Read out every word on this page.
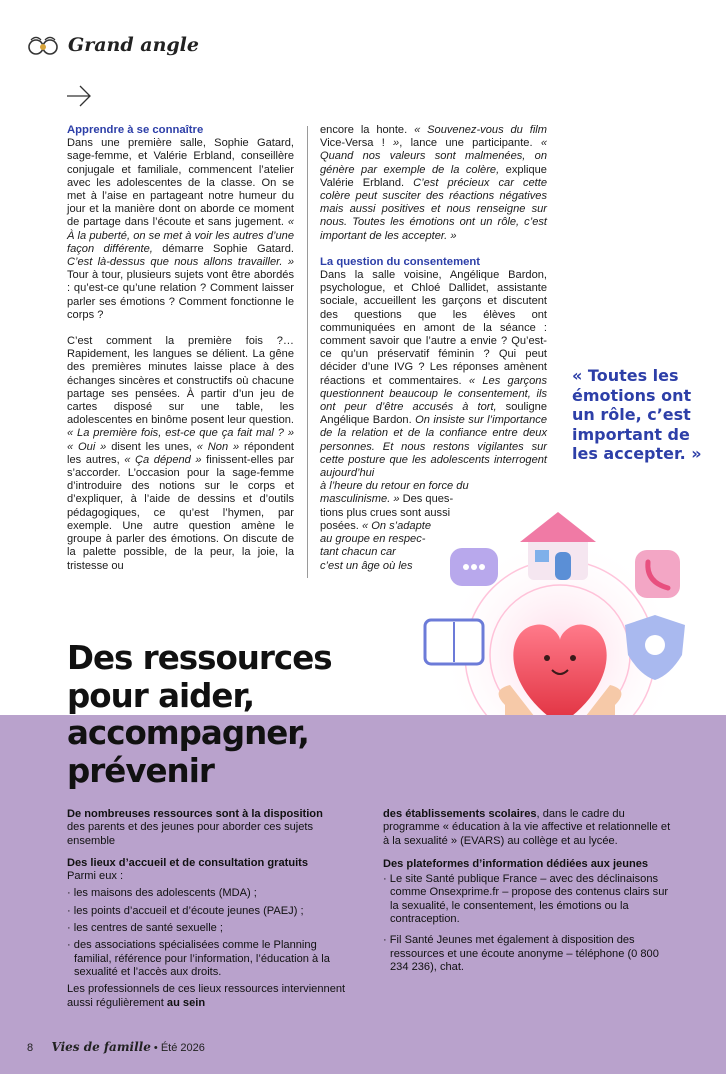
Grand angle

Apprendre à se connaître

Dans une première salle, Sophie Gatard, sage-femme, et Valérie Erbland, conseillère conjugale et familiale, commencent l’atelier avec les adolescentes de la classe. On se met à l’aise en partageant notre humeur du jour et la manière dont on aborde ce moment de partage dans l’écoute et sans jugement. « À la puberté, on se met à voir les autres d’une façon différente, démarre Sophie Gatard. C’est là-dessus que nous allons travailler. » Tour à tour, plusieurs sujets vont être abordés : qu’est-ce qu’une relation ? Comment laisser parler ses émotions ? Comment fonctionne le corps ?

C’est comment la première fois ?… Rapidement, les langues se délient. La gêne des premières minutes laisse place à des échanges sincères et constructifs où chacune partage ses pensées. À partir d’un jeu de cartes disposé sur une table, les adolescentes en binôme posent leur question. « La première fois, est-ce que ça fait mal ? » « Oui » disent les unes, « Non » répondent les autres, « Ça dépend » finissent-elles par s’accorder. L’occasion pour la sage-femme d’introduire des notions sur le corps et d’expliquer, à l’aide de dessins et d’outils pédagogiques, ce qu’est l’hymen, par exemple. Une autre question amène le groupe à parler des émotions. On discute de la palette possible, de la peur, la joie, la tristesse ou

encore la honte. « Souvenez-vous du film Vice-Versa ! », lance une participante. « Quand nos valeurs sont malmenées, on génère par exemple de la colère, explique Valérie Erbland. C’est précieux car cette colère peut susciter des réactions négatives mais aussi positives et nous renseigne sur nous. Toutes les émotions ont un rôle, c’est important de les accepter. »

La question du consentement

Dans la salle voisine, Angélique Bardon, psychologue, et Chloé Dallidet, assistante sociale, accueillent les garçons et discutent des questions que les élèves ont communiquées en amont de la séance : comment savoir que l’autre a envie ? Qu’est-ce qu’un préservatif féminin ? Qui peut décider d’une IVG ? Les réponses amènent réactions et commentaires. « Les garçons questionnent beaucoup le consentement, ils ont peur d’être accusés à tort, souligne Angélique Bardon. On insiste sur l’importance de la relation et de la confiance entre deux personnes. Et nous restons vigilantes sur cette posture que les adolescents interrogent aujourd’hui

à l’heure du retour en force du
masculinisme. » Des ques-
tions plus crues sont aussi
posées. « On s’adapte
au groupe en respec-
tant chacun car
c’est un âge où les
« Toutes les émotions ont un rôle, c’est important de les accepter. »
Des ressources pour aider, accompagner, prévenir

De nombreuses ressources sont à la disposition

des parents et des jeunes pour aborder ces sujets ensemble

Des lieux d’accueil et de consultation gratuits

Parmi eux :

· les maisons des adolescents (MDA) ;
· les points d’accueil et d’écoute jeunes (PAEJ) ;
· les centres de santé sexuelle ;
· des associations spécialisées comme le Planning familial, référence pour l’information, l’éducation à la sexualité et l’accès aux droits.

Les professionnels de ces lieux ressources interviennent aussi régulièrement au sein

des établissements scolaires, dans le cadre du programme « éducation à la vie affective et relationnelle et à la sexualité » (EVARS) au collège et au lycée.

Des plateformes d’information dédiées aux jeunes

· Le site Santé publique France – avec des déclinaisons comme Onsexprime.fr – propose des contenus clairs sur la sexualité, le consentement, les émotions ou la contraception.
· Fil Santé Jeunes met également à disposition des ressources et une écoute anonyme – téléphone (0 800 234 236), chat.
8 Vies de famille • Été 2026
